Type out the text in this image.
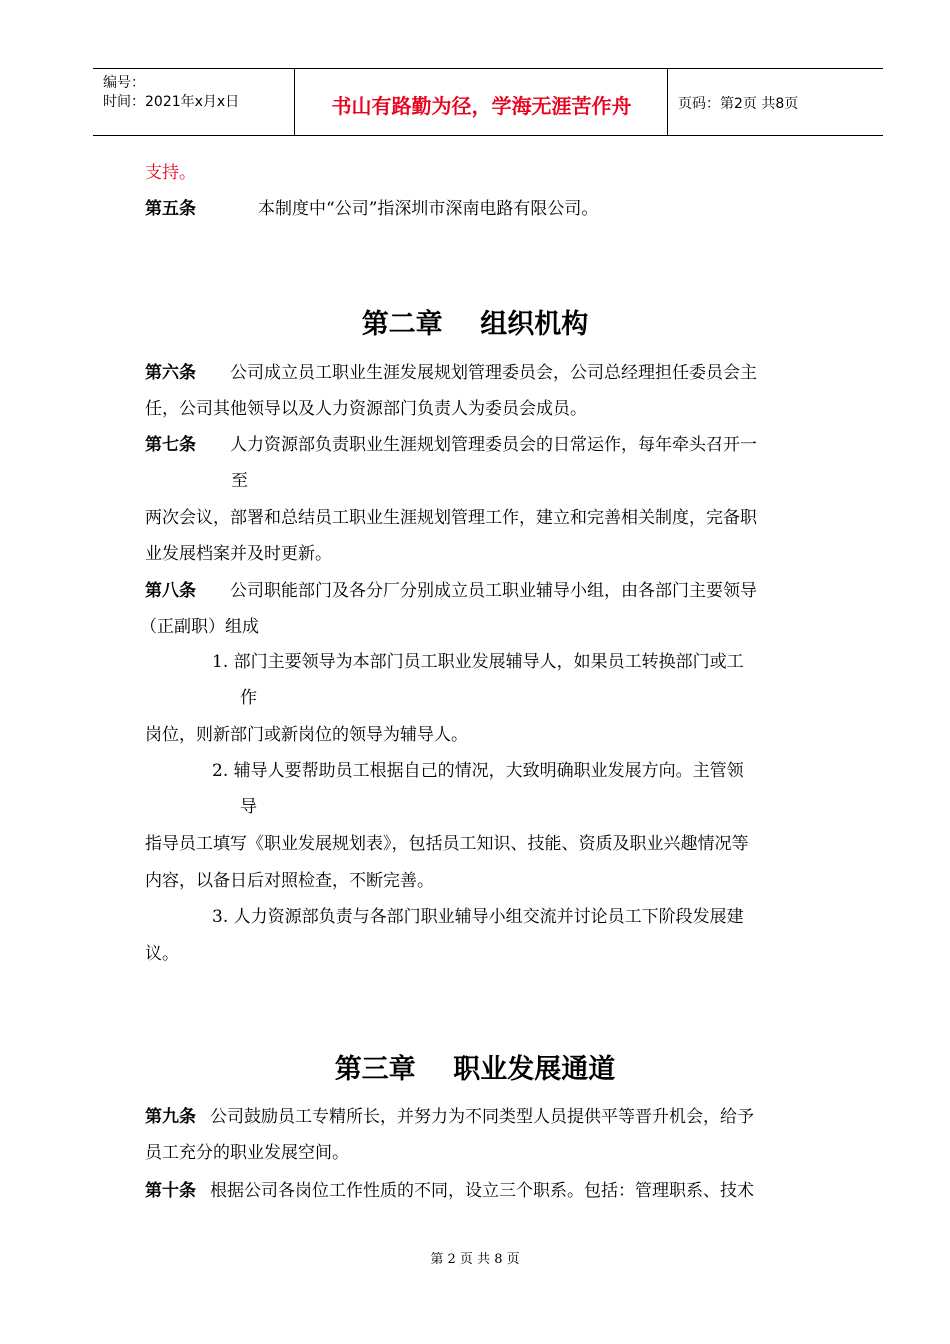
编号：
时间：2021年x月x日	书山有路勤为径，学海无涯苦作舟	页码：第2页 共8页
支持。
第五条	本制度中“公司”指深圳市深南电路有限公司。
第二章    组织机构
第六条 公司成立员工职业生涯发展规划管理委员会，公司总经理担任委员会主
任，公司其他领导以及人力资源部门负责人为委员会成员。
第七条 人力资源部负责职业生涯规划管理委员会的日常运作，每年牵头召开一
至
两次会议，部署和总结员工职业生涯规划管理工作，建立和完善相关制度，完备职
业发展档案并及时更新。
第八条 公司职能部门及各分厂分别成立员工职业辅导小组，由各部门主要领导
（正副职）组成
1. 部门主要领导为本部门员工职业发展辅导人，如果员工转换部门或工
作
岗位，则新部门或新岗位的领导为辅导人。
2. 辅导人要帮助员工根据自己的情况，大致明确职业发展方向。主管领
导
指导员工填写《职业发展规划表》，包括员工知识、技能、资质及职业兴趣情况等
内容，以备日后对照检查，不断完善。
3. 人力资源部负责与各部门职业辅导小组交流并讨论员工下阶段发展建
议。
第三章    职业发展通道
第九条 公司鼓励员工专精所长，并努力为不同类型人员提供平等晋升机会，给予
员工充分的职业发展空间。
第十条 根据公司各岗位工作性质的不同，设立三个职系。包括：管理职系、技术
第 2 页 共 8 页
